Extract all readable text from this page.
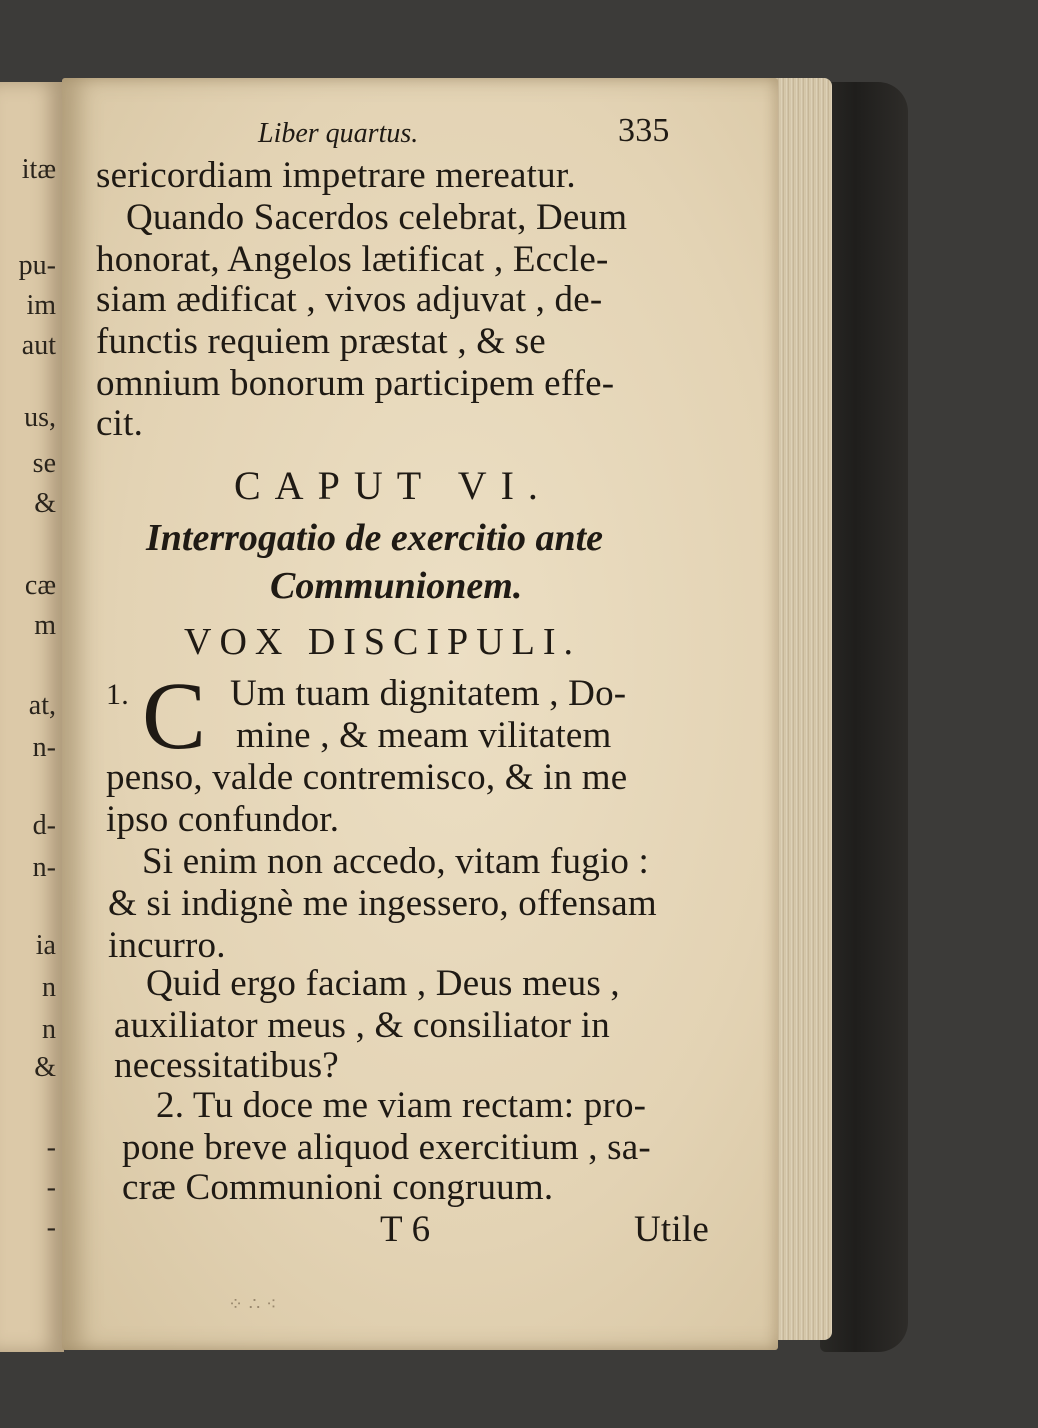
itæ
pu-
im
aut
us,
se
&
cæ
m
at,
n-
d-
n-
ia
n
n
&
-
-
-
Liber quartus.	335
sericordiam impetrare mereatur.
Quando Sacerdos celebrat, Deum
honorat, Angelos lætificat , Eccle-
siam ædificat , vivos adjuvat , de-
functis requiem præstat , & se
omnium bonorum participem effe-
cit.
CAPUT VI.
Interrogatio de exercitio ante
Communionem.
VOX DISCIPULI.
1. C Um tuam dignitatem , Do-
mine , & meam vilitatem
penso, valde contremisco, & in me
ipso confundor.
Si enim non accedo, vitam fugio :
& si indignè me ingessero, offensam
incurro.
Quid ergo faciam , Deus meus ,
auxiliator meus , & consiliator in
necessitatibus?
2. Tu doce me viam rectam: pro-
pone breve aliquod exercitium , sa-
cræ Communioni congruum.
T 6	Utile
⁘ ∴ ⁖
